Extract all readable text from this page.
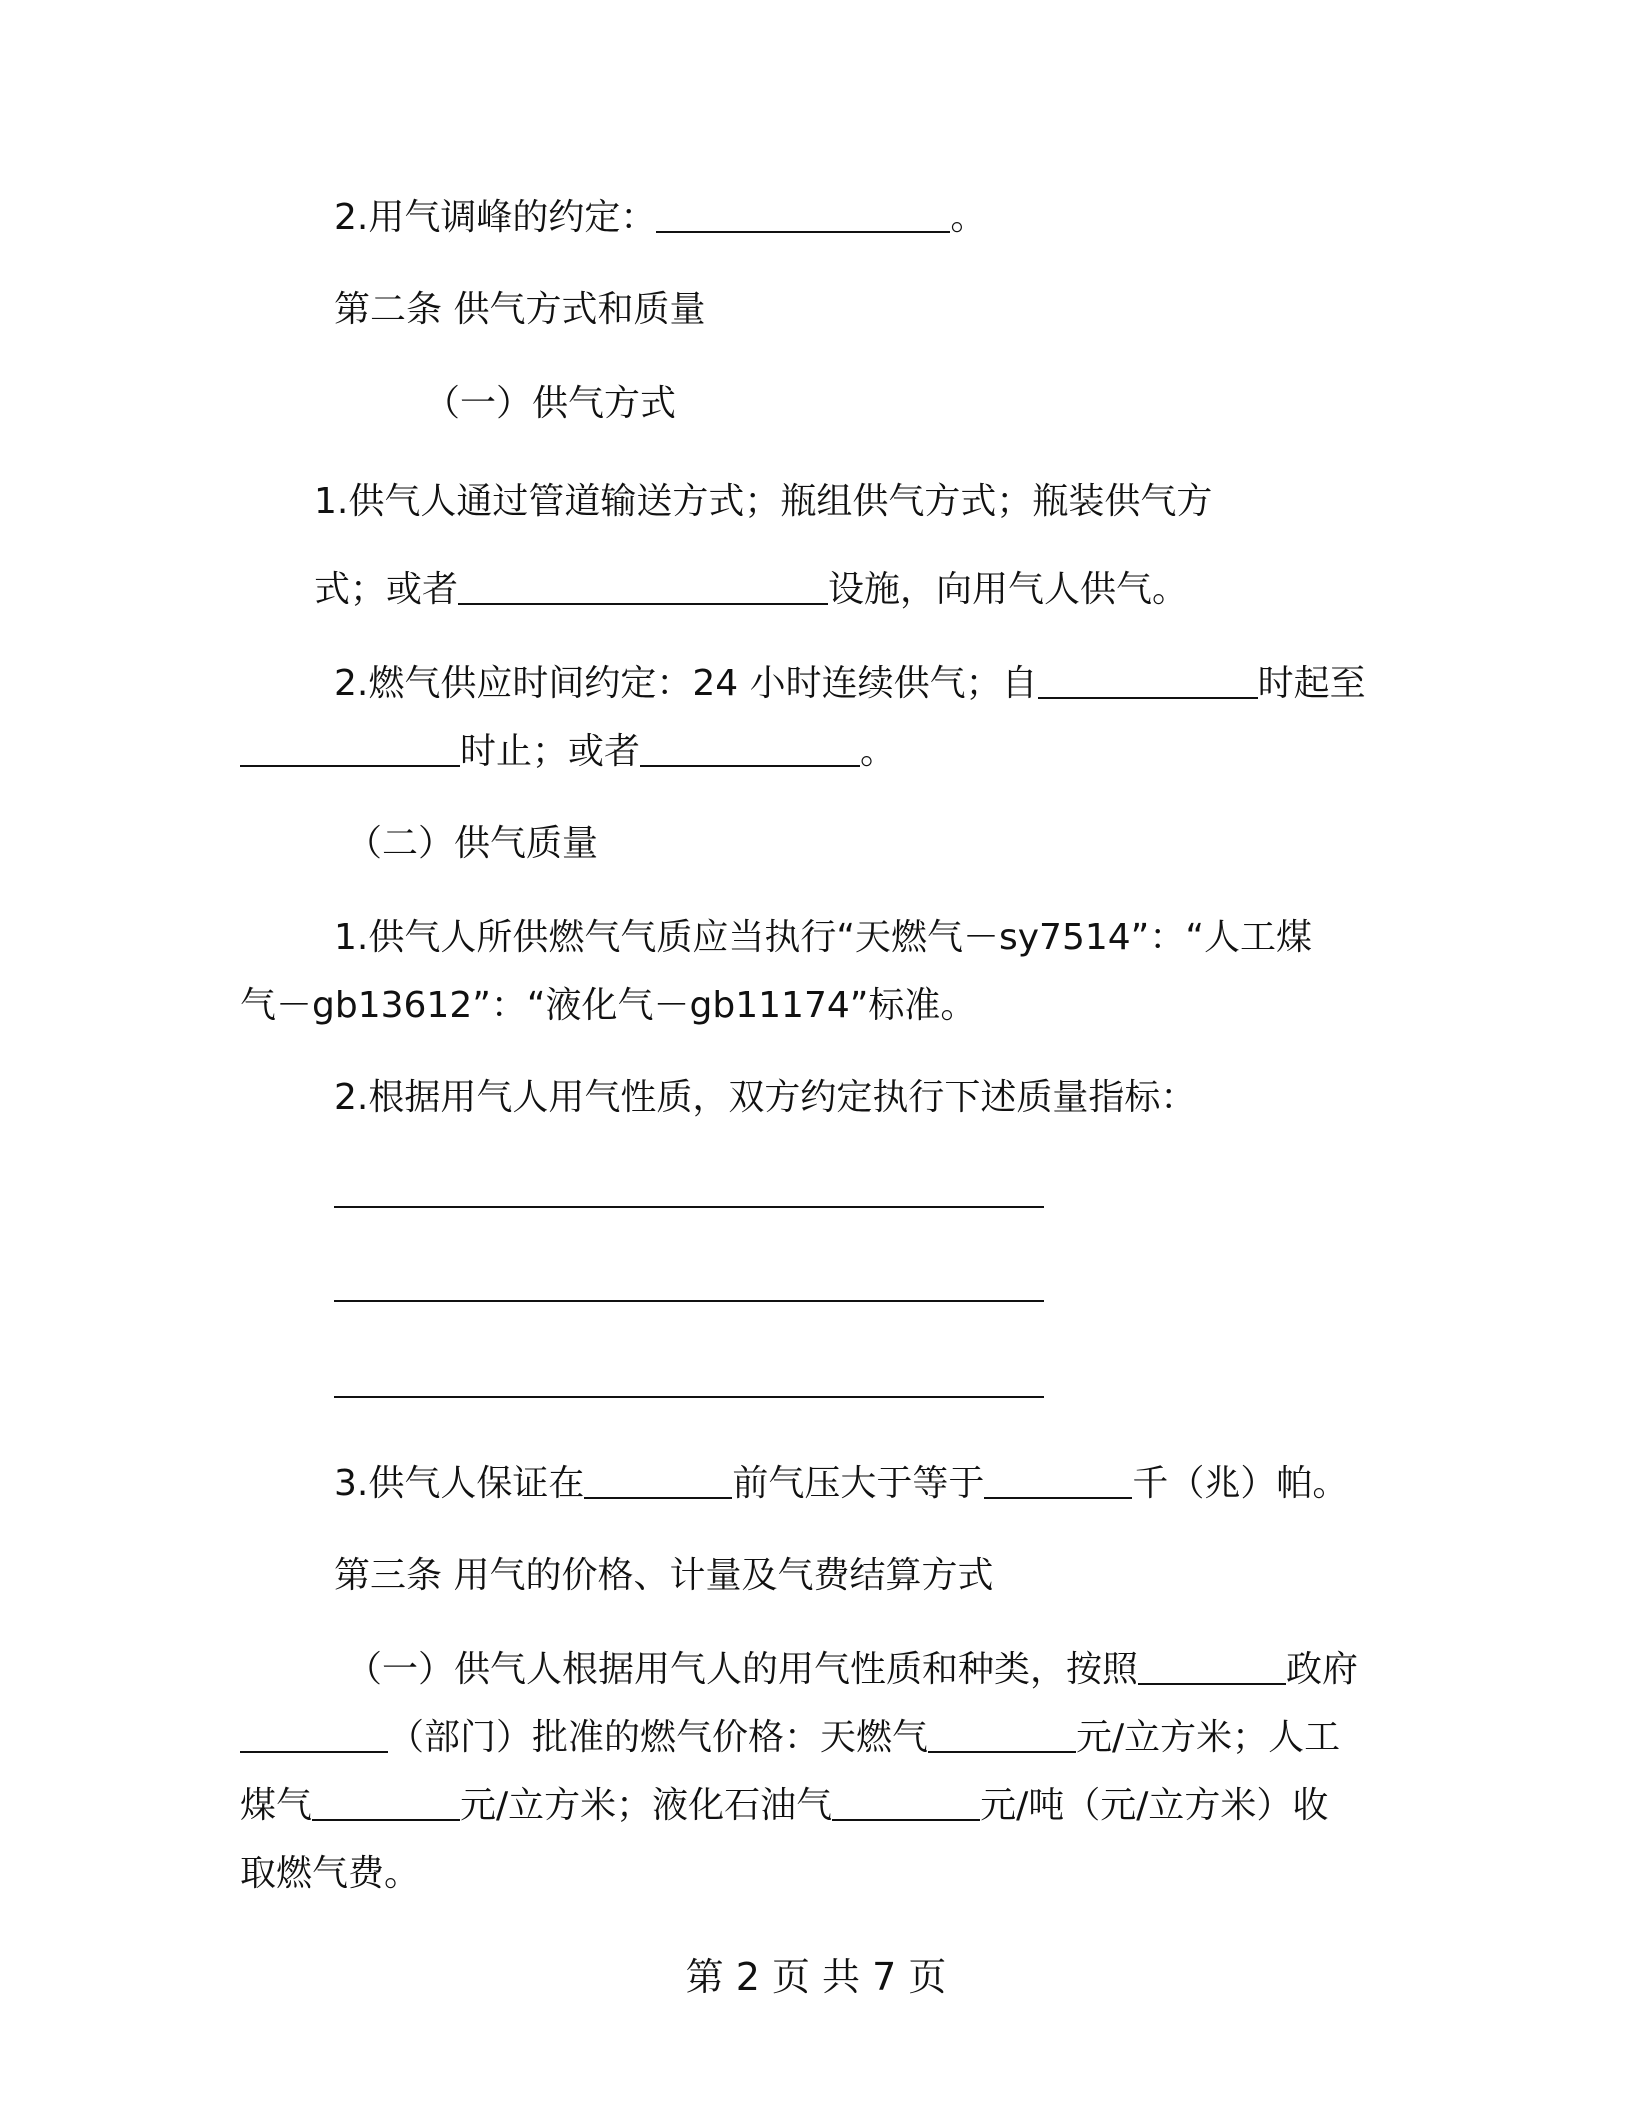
2.用气调峰的约定：	。

第二条 供气方式和质量

（一）供气方式

1.供气人通过管道输送方式；瓶组供气方式；瓶装供气方

式；或者	设施，向用气人供气。

2.燃气供应时间约定：24 小时连续供气；自	时起至

时止；或者	。

（二）供气质量

1.供气人所供燃气气质应当执行“天燃气－sy7514”：“人工煤

气－gb13612”：“液化气－gb11174”标准。

2.根据用气人用气性质，双方约定执行下述质量指标：

3.供气人保证在	前气压大于等于	千（兆）帕。

第三条 用气的价格、计量及气费结算方式

（一）供气人根据用气人的用气性质和种类，按照	政府

（部门）批准的燃气价格：天燃气	元/立方米；人工

煤气	元/立方米；液化石油气	元/吨（元/立方米）收

取燃气费。

第 2 页 共 7 页
